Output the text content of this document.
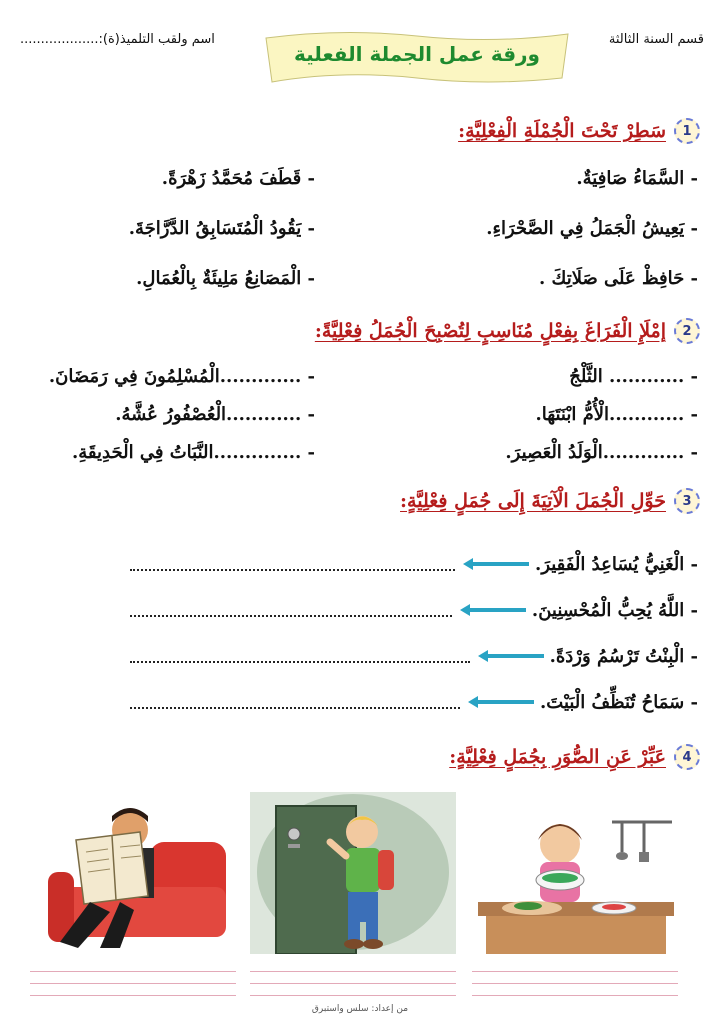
قسم السنة الثالثة
اسم ولقب التلميذ(ة):...................
ورقة عمل الجملة الفعلية
1
سَطِرْ تَحْتَ الْجُمْلَةِ الْفِعْلِيَّةِ:
- السَّمَاءُ صَافِيَةٌ.
- قَطَفَ مُحَمَّدُ زَهْرَةً.
- يَعِيشُ الْجَمَلُ فِي الصَّحْرَاءِ.
- يَقُودُ الْمُتَسَابِقُ الدَّرَّاجَةَ.
- حَافِظْ عَلَى صَلَاتِكَ .
- الْمَصَانِعُ مَلِيئَةٌ بِالْعُمَالِ.
2
إمْلَإِ الْفَرَاغَ بِفِعْلٍ مُنَاسِبٍ لِتُصْبِحَ الْجُمَلُ فِعْلِيَّةً:
- ............ الثَّلْجُ
- .............الْمُسْلِمُونَ فِي رَمَضَانَ.
- ............الْأُمُّ ابْنَتَهَا.
- ............الْعُصْفُورُ عُشَّهُ.
- .............الْوَلَدُ الْعَصِيرَ.
- ..............النَّبَاتُ فِي الْحَدِيقَةِ.
3
حَوِّلِ الْجُمَلَ الْآتِيَةَ إِلَى جُمَلٍ فِعْلِيَّةٍ:
- الْغَنِيُّ يُسَاعِدُ الْفَقِيرَ.
- اللَّهُ يُحِبُّ الْمُحْسِنِينَ.
- الْبِنْتُ تَرْسُمُ وَرْدَةً.
- سَمَاحُ تُنَظِّفُ الْبَيْتَ.
4
عَبِّرْ عَنِ الصُّوَرِ بِجُمَلٍ فِعْلِيَّةٍ:
من إعداد: سلس واستبرق
